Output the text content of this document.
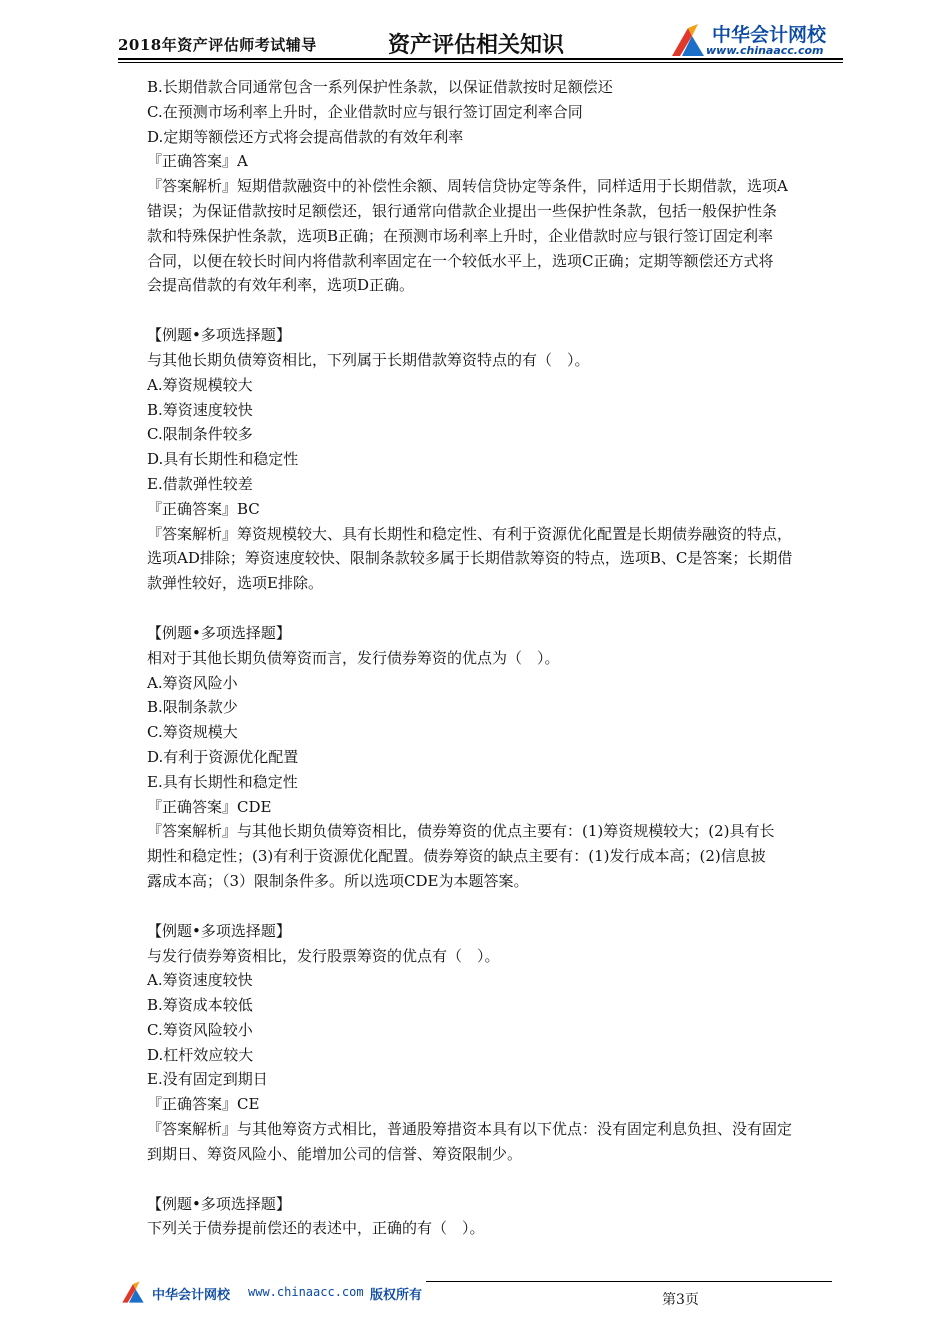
2018年资产评估师考试辅导	资产评估相关知识	中华会计网校
www.chinaacc.com

B.长期借款合同通常包含一系列保护性条款，以保证借款按时足额偿还

C.在预测市场利率上升时，企业借款时应与银行签订固定利率合同

D.定期等额偿还方式将会提高借款的有效年利率

『正确答案』A

『答案解析』短期借款融资中的补偿性余额、周转信贷协定等条件，同样适用于长期借款，选项A

错误；为保证借款按时足额偿还，银行通常向借款企业提出一些保护性条款，包括一般保护性条

款和特殊保护性条款，选项B正确；在预测市场利率上升时，企业借款时应与银行签订固定利率

合同，以便在较长时间内将借款利率固定在一个较低水平上，选项C正确；定期等额偿还方式将

会提高借款的有效年利率，选项D正确。

【例题•多项选择题】

与其他长期负债筹资相比，下列属于长期借款筹资特点的有（　）。

A.筹资规模较大

B.筹资速度较快

C.限制条件较多

D.具有长期性和稳定性

E.借款弹性较差

『正确答案』BC

『答案解析』筹资规模较大、具有长期性和稳定性、有利于资源优化配置是长期债券融资的特点，

选项AD排除；筹资速度较快、限制条款较多属于长期借款筹资的特点，选项B、C是答案；长期借

款弹性较好，选项E排除。

【例题•多项选择题】

相对于其他长期负债筹资而言，发行债券筹资的优点为（　）。

A.筹资风险小

B.限制条款少

C.筹资规模大

D.有利于资源优化配置

E.具有长期性和稳定性

『正确答案』CDE

『答案解析』与其他长期负债筹资相比，债券筹资的优点主要有：(1)筹资规模较大；(2)具有长

期性和稳定性；(3)有利于资源优化配置。债券筹资的缺点主要有：(1)发行成本高；(2)信息披

露成本高；（3）限制条件多。所以选项CDE为本题答案。

【例题•多项选择题】

与发行债券筹资相比，发行股票筹资的优点有（　）。

A.筹资速度较快

B.筹资成本较低

C.筹资风险较小

D.杠杆效应较大

E.没有固定到期日

『正确答案』CE

『答案解析』与其他筹资方式相比，普通股筹措资本具有以下优点：没有固定利息负担、没有固定

到期日、筹资风险小、能增加公司的信誉、筹资限制少。

【例题•多项选择题】

下列关于债券提前偿还的表述中，正确的有（　）。

中华会计网校 www.chinaacc.com 版权所有	第3页
